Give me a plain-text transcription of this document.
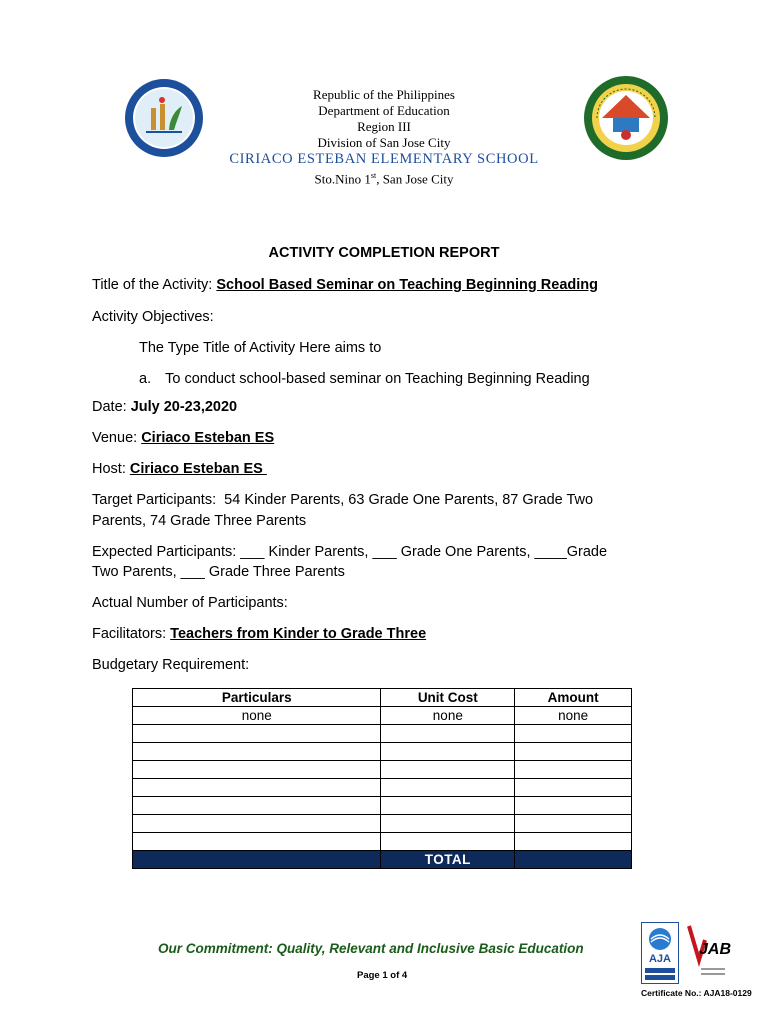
Republic of the Philippines
Department of Education
Region III
Division of San Jose City
CIRIACO ESTEBAN ELEMENTARY SCHOOL
Sto.Nino 1st, San Jose City
ACTIVITY COMPLETION REPORT
Title of the Activity: School Based Seminar on Teaching Beginning Reading
Activity Objectives:
The Type Title of Activity Here aims to
a. To conduct school-based seminar on Teaching Beginning Reading
Date: July 20-23,2020
Venue: Ciriaco Esteban ES
Host: Ciriaco Esteban ES
Target Participants:  54 Kinder Parents, 63 Grade One Parents, 87 Grade Two
Parents, 74 Grade Three Parents
Expected Participants: ___ Kinder Parents, ___ Grade One Parents, ____Grade
Two Parents, ___ Grade Three Parents
Actual Number of Participants:
Facilitators: Teachers from Kinder to Grade Three
Budgetary Requirement:
Particulars	Unit Cost	Amount
none	none	none

	TOTAL	
Our Commitment: Quality, Relevant and Inclusive Basic Education
Page 1 of 4
AJA
JAB
Certificate No.: AJA18-0129
